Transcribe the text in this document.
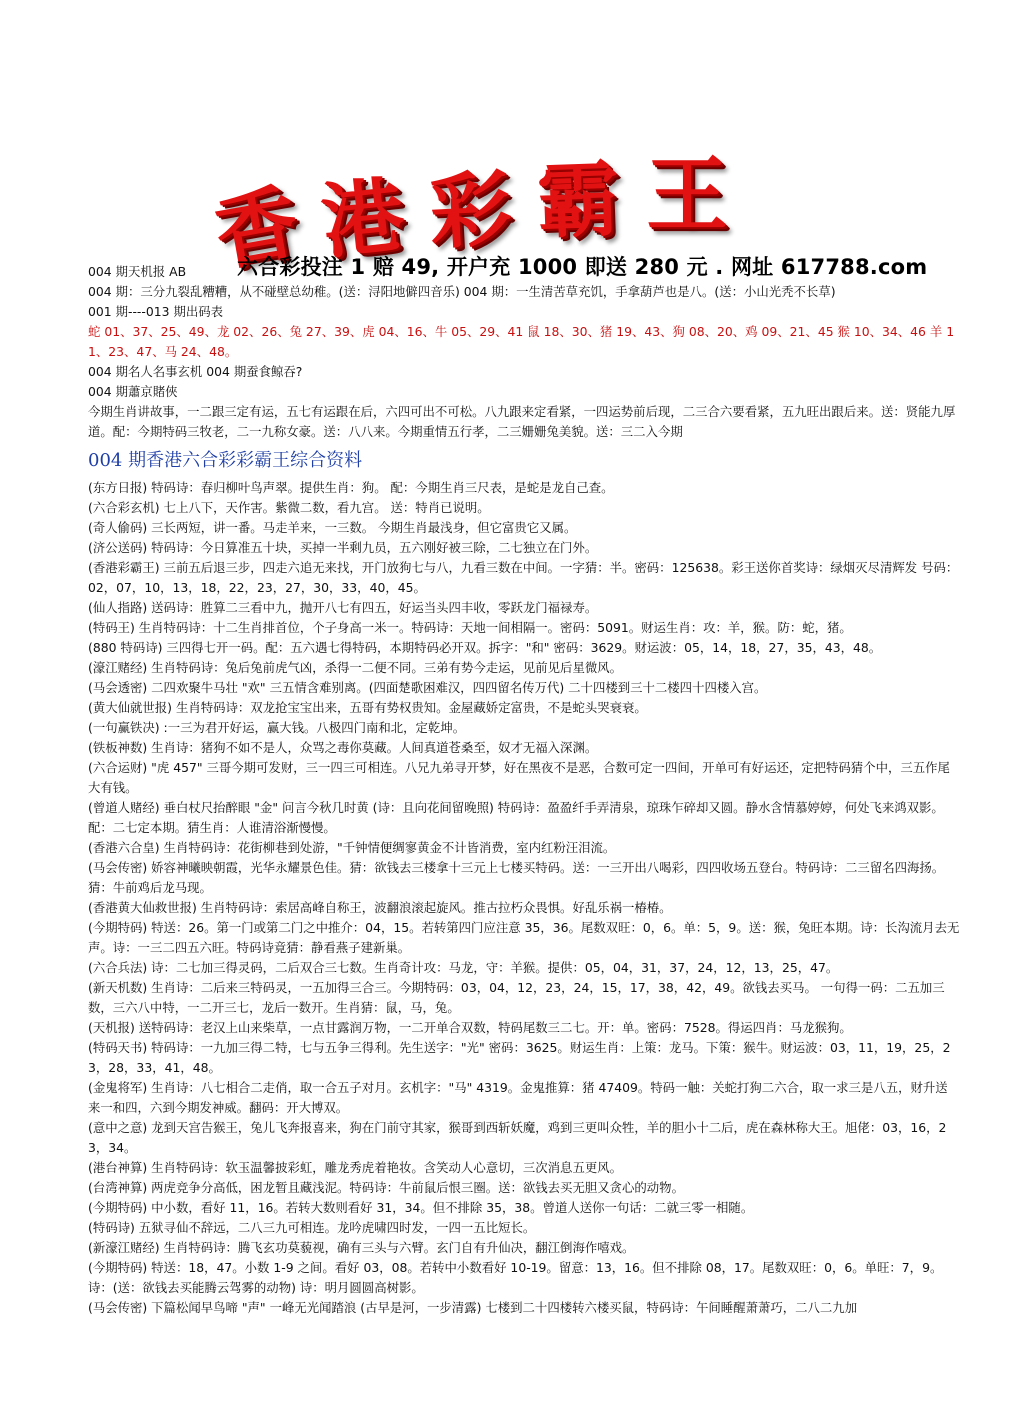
香 港 彩 霸 王
六合彩投注 1 赔 49, 开户充 1000 即送 280 元 . 网址 617788.com

004 期天机报 AB

004 期：三分九裂乱糟糟，从不碰壁总幼稚。(送：浔阳地僻四音乐) 004 期：一生清苦草充饥，手拿葫芦也是八。(送：小山光秃不长草)

001 期----013 期出码表

蛇 01、37、25、49、龙 02、26、兔 27、39、虎 04、16、牛 05、29、41 鼠 18、30、猪 19、43、狗 08、20、鸡 09、21、45 猴 10、34、46 羊 11、23、47、马 24、48。

004 期名人名事玄机 004 期蚕食鲸吞?

004 期蕭京賭俠

今期生肖讲故事，一二跟三定有运，五七有运跟在后，六四可出不可松。八九跟来定看紧，一四运势前后现，二三合六要看紧，五九旺出跟后来。送：贤能九厚道。配：今期特码三牧老，二一九称女豪。送：八八来。今期重情五行孝，二三姗姗兔美貌。送：三二入今期

004 期香港六合彩彩霸王综合资料

(东方日报) 特码诗：春归柳叶鸟声翠。提供生肖：狗。 配：今期生肖三尺表，是蛇是龙自己查。

(六合彩玄机) 七上八下，天作害。紫微二数，看九宫。 送：特肖已说明。

(奇人偷码) 三长两短，讲一番。马走羊来，一三数。 今期生肖最浅身，但它富贵它又属。

(济公送码) 特码诗：今日算准五十块，买掉一半剩九员，五六刚好被三除，二七独立在门外。

(香港彩霸王) 三前五后退三步，四走六追无来找，开门放狗七与八，九看三数在中间。一字猜：半。密码：125638。彩王送你首奖诗：绿烟灭尽清辉发 号码：02，07，10，13，18，22，23，27，30，33，40，45。

(仙人指路) 送码诗：胜算二三看中九，抛开八七有四五，好运当头四丰收，零跃龙门福禄寿。

(特码王) 生肖特码诗：十二生肖排首位，个子身高一米一。特码诗：天地一间相隔一。密码：5091。财运生肖：攻：羊，猴。防：蛇，猪。

(880 特码诗) 三四得七开一码。配：五六遇七得特码，本期特码必开双。拆字："和" 密码：3629。财运波：05，14，18，27，35，43，48。

(濠江赌经) 生肖特码诗：兔后兔前虎气凶，杀得一二便不同。三弟有势今走运，见前见后星微风。

(马会透密) 二四欢聚牛马壮 "欢" 三五情含难别离。(四面楚歌困难汉，四四留名传万代) 二十四楼到三十二楼四十四楼入宫。

(黄大仙就世报) 生肖特码诗：双龙抢宝宝出来，五哥有势权贵知。金屋藏娇定富贵，不是蛇头哭衰衰。

(一句赢铁决) :一三为君开好运，赢大钱。八极四门南和北，定乾坤。

(铁板神数) 生肖诗：猪狗不如不是人，众骂之毒你莫藏。人间真道苍桑至，奴才无福入深渊。

(六合运财) "虎 457" 三哥今期可发财，三一四三可相连。八兄九弟寻开梦，好在黑夜不是恶，合数可定一四间，开单可有好运还，定把特码猜个中，三五作尾大有钱。

(曾道人赌经) 垂白杖尺抬醉眼 "金" 问言今秋几时黄 (诗：且向花间留晚照) 特码诗：盈盈纤手弄清泉，琼珠乍碎却又圆。静水含情慕婷婷，何处飞来鸿双影。配：二七定本期。猜生肖：人谁清浴渐慢慢。

(香港六合皇) 生肖特码诗：花街柳巷到处游，"千钟情便绸寥黄金不计皆消费，室内红粉汪泪流。

(马会传密) 娇容神曦映朝霞，光华永耀景色佳。猜：欲钱去三楼拿十三元上七楼买特码。送：一三开出八喝彩，四四收场五登台。特码诗：二三留名四海扬。猜：牛前鸡后龙马现。

(香港黄大仙救世报) 生肖特码诗：索居高峰自称王，波翻浪滚起旋风。推古拉朽众畏惧。好乱乐祸一椿椿。

(今期特码) 特送：26。第一门或第二门之中推介：04，15。若转第四门应注意 35，36。尾数双旺：0，6。单：5，9。送：猴，兔旺本期。诗：长沟流月去无声。诗：一三二四五六旺。特码诗竟猜：静看燕子建新巢。

(六合兵法) 诗：二七加三得灵码，二后双合三七数。生肖奇计攻：马龙，守：羊猴。提供：05，04，31，37，24，12，13，25，47。

(新天机数) 生肖诗：二后来三特码灵，一五加得三合三。今期特码：03，04，12，23，24，15，17，38，42，49。欲钱去买马。 一句得一码：二五加三数，三六八中特，一二开三七，龙后一数开。生肖猜：鼠，马，兔。

(天机报) 送特码诗：老汉上山来柴草，一点甘露润万物，一二开单合双数，特码尾数三二七。开：单。密码：7528。得运四肖：马龙猴狗。

(特码天书) 特码诗：一九加三得二特，七与五争三得利。先生送字："光" 密码：3625。财运生肖：上策：龙马。下策：猴牛。财运波：03，11，19，25，23，28，33，41，48。

(金鬼将军) 生肖诗：八七相合二走俏，取一合五子对月。玄机字："马" 4319。金鬼推算：猪 47409。特码一触：关蛇打狗二六合，取一求三是八五，财升送来一和四，六到今期发神威。翻码：开大博双。

(意中之意) 龙到天宫告猴王，兔儿飞奔报喜来，狗在门前守其家，猴哥到西斩妖魔，鸡到三更叫众牲，羊的胆小十二后，虎在森林称大王。旭佬：03，16，23，34。

(港台神算) 生肖特码诗：软玉温馨披彩虹，雕龙秀虎着艳妆。含笑动人心意切，三次消息五更风。

(台湾神算) 两虎竞争分高低，困龙暂且藏浅泥。特码诗：牛前鼠后恨三圈。送：欲钱去买无胆又贪心的动物。

(今期特码) 中小数，看好 11，16。若转大数则看好 31，34。但不排除 35，38。曾道人送你一句话：二就三零一相随。

(特码诗) 五狱寻仙不辞远，二八三九可相连。龙吟虎啸四时发，一四一五比短长。

(新濠江赌经) 生肖特码诗：腾飞玄功莫藐视，确有三头与六臂。玄门自有升仙决，翻江倒海作嘻戏。

(今期特码) 特送：18，47。小数 1-9 之间。看好 03，08。若转中小数看好 10-19。留意：13，16。但不排除 08，17。尾数双旺：0，6。单旺：7，9。诗：(送：欲钱去买能腾云驾雾的动物) 诗：明月圆圆高树影。

(马会传密) 下篇松闻早鸟啼 "声" 一峰无光闻踏浪 (古早是河，一步清露) 七楼到二十四楼转六楼买鼠，特码诗：午间睡醒萧萧巧，二八二九加
